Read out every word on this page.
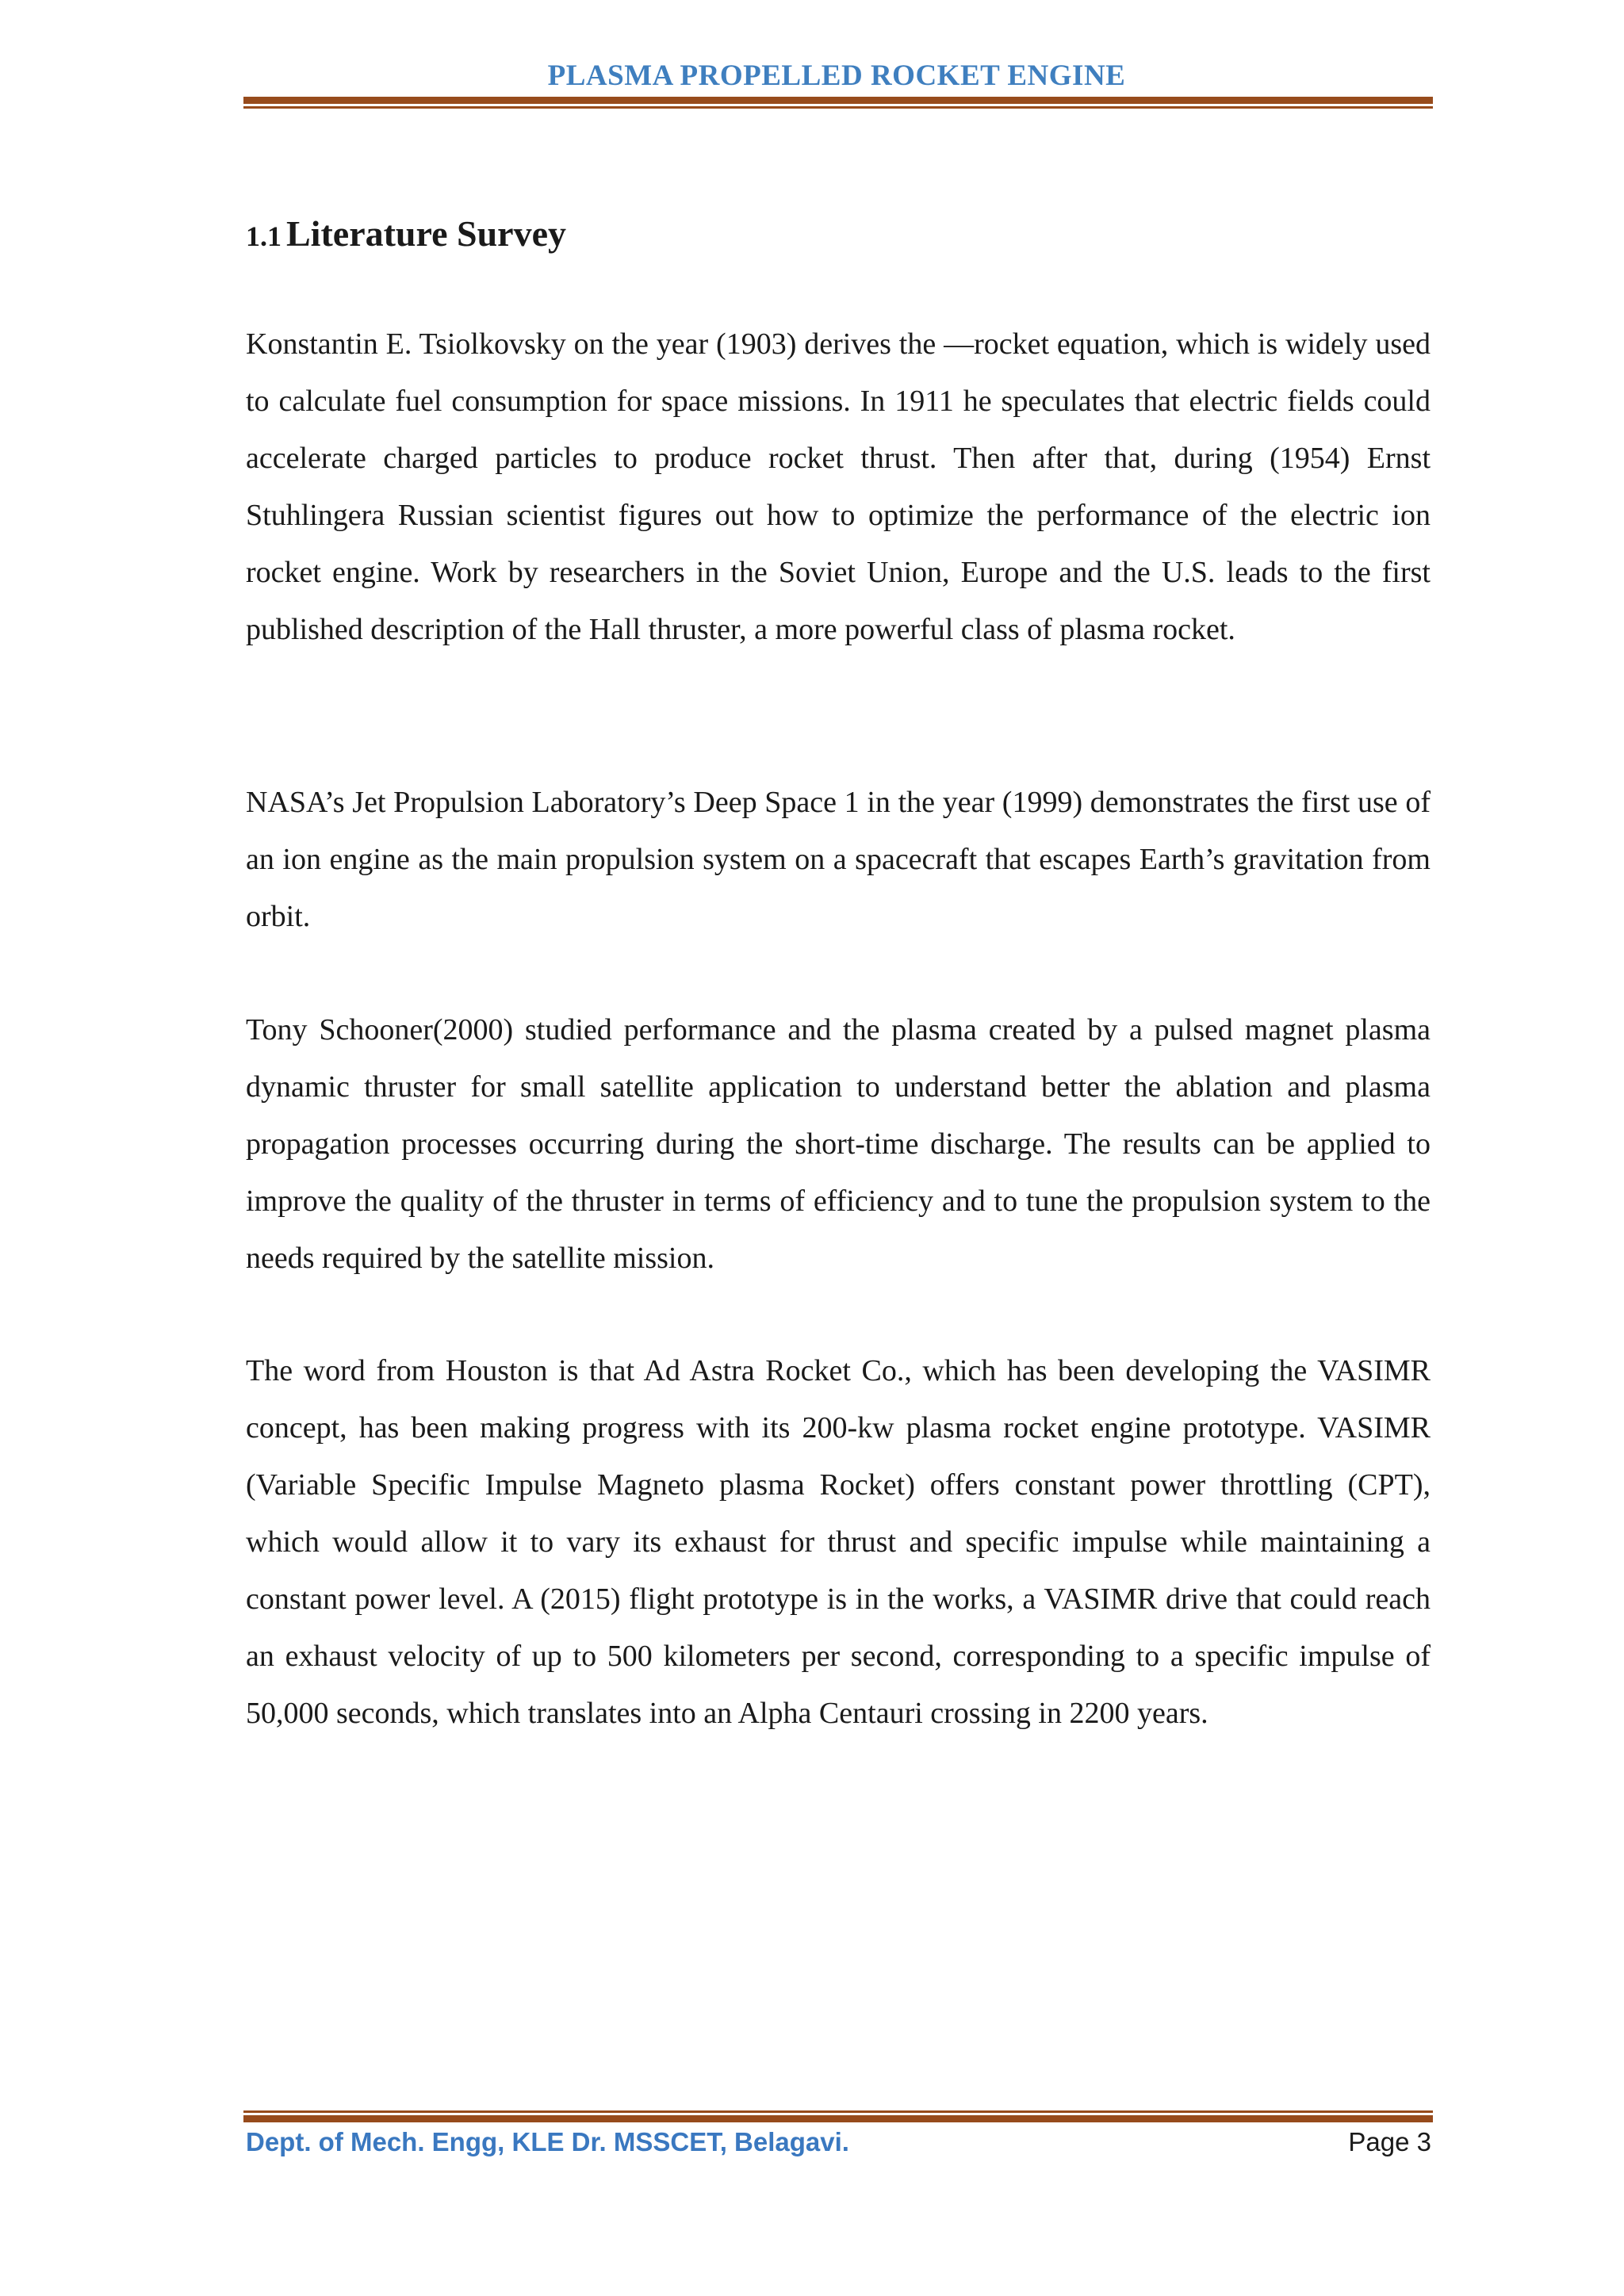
PLASMA PROPELLED ROCKET ENGINE
1.1 Literature Survey

Konstantin E. Tsiolkovsky on the year (1903) derives the ―rocket equation, which is widely used to calculate fuel consumption for space missions. In 1911 he speculates that electric fields could accelerate charged particles to produce rocket thrust. Then after that, during (1954) Ernst Stuhlingera Russian scientist figures out how to optimize the performance of the electric ion rocket engine. Work by researchers in the Soviet Union, Europe and the U.S. leads to the first published description of the Hall thruster, a more powerful class of plasma rocket.

NASA’s Jet Propulsion Laboratory’s Deep Space 1 in the year (1999) demonstrates the first use of an ion engine as the main propulsion system on a spacecraft that escapes Earth’s gravitation from orbit.

Tony Schooner(2000) studied performance and the plasma created by a pulsed magnet plasma dynamic thruster for small satellite application to understand better the ablation and plasma propagation processes occurring during the short-time discharge. The results can be applied to improve the quality of the thruster in terms of efficiency and to tune the propulsion system to the needs required by the satellite mission.

The word from Houston is that Ad Astra Rocket Co., which has been developing the VASIMR concept, has been making progress with its 200-kw plasma rocket engine prototype. VASIMR (Variable Specific Impulse Magneto plasma Rocket) offers constant power throttling (CPT), which would allow it to vary its exhaust for thrust and specific impulse while maintaining a constant power level. A (2015) flight prototype is in the works, a VASIMR drive that could reach an exhaust velocity of up to 500 kilometers per second, corresponding to a specific impulse of 50,000 seconds, which translates into an Alpha Centauri crossing in 2200 years.

Dept. of Mech. Engg, KLE Dr. MSSCET, Belagavi.	Page 3
